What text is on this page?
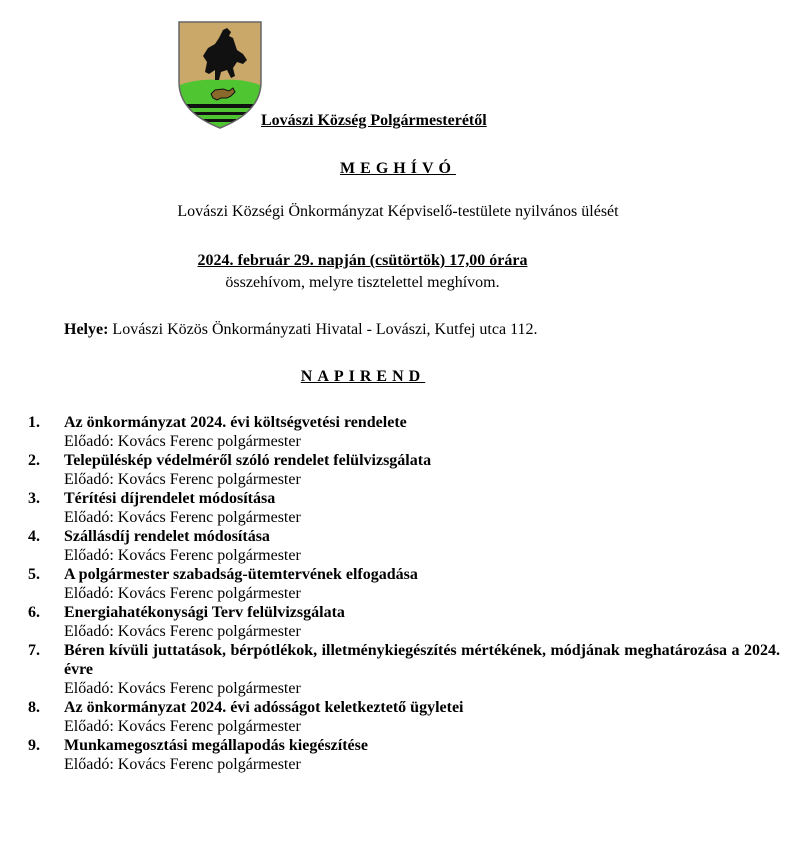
Lovászi Község Polgármesterétől
MEGHÍVÓ
Lovászi Községi Önkormányzat Képviselő-testülete nyilvános ülését
2024. február 29. napján (csütörtök) 17,00 órára
összehívom, melyre tisztelettel meghívom.
Helye: Lovászi Közös Önkormányzati Hivatal - Lovászi, Kutfej utca 112.
NAPIREND
1.	Az önkormányzat 2024. évi költségvetési rendelete
Előadó: Kovács Ferenc polgármester
2.	Településkép védelméről szóló rendelet felülvizsgálata
Előadó: Kovács Ferenc polgármester
3.	Térítési díjrendelet módosítása
Előadó: Kovács Ferenc polgármester
4.	Szállásdíj rendelet módosítása
Előadó: Kovács Ferenc polgármester
5.	A polgármester szabadság-ütemtervének elfogadása
Előadó: Kovács Ferenc polgármester
6.	Energiahatékonysági Terv felülvizsgálata
Előadó: Kovács Ferenc polgármester
7.	Béren kívüli juttatások, bérpótlékok, illetménykiegészítés mértékének, módjának meghatározása a 2024. évre
Előadó: Kovács Ferenc polgármester
8.	Az önkormányzat 2024. évi adósságot keletkeztető ügyletei
Előadó: Kovács Ferenc polgármester
9.	Munkamegosztási megállapodás kiegészítése
Előadó: Kovács Ferenc polgármester
